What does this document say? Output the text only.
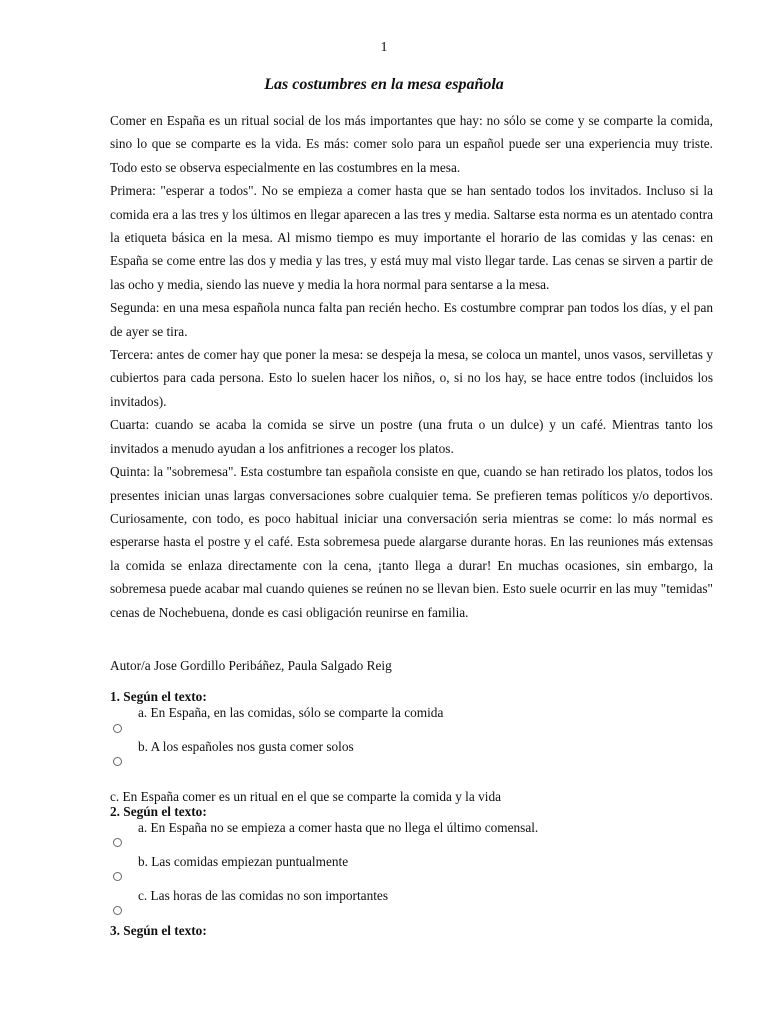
1
Las costumbres en la mesa española

Comer en España es un ritual social de los más importantes que hay: no sólo se come y se comparte la comida, sino lo que se comparte es la vida. Es más: comer solo para un español puede ser una experiencia muy triste. Todo esto se observa especialmente en las costumbres en la mesa.

Primera: "esperar a todos". No se empieza a comer hasta que se han sentado todos los invitados. Incluso si la comida era a las tres y los últimos en llegar aparecen a las tres y media. Saltarse esta norma es un atentado contra la etiqueta básica en la mesa. Al mismo tiempo es muy importante el horario de las comidas y las cenas: en España se come entre las dos y media y las tres, y está muy mal visto llegar tarde. Las cenas se sirven a partir de las ocho y media, siendo las nueve y media la hora normal para sentarse a la mesa.

Segunda: en una mesa española nunca falta pan recién hecho. Es costumbre comprar pan todos los días, y el pan de ayer se tira.

Tercera: antes de comer hay que poner la mesa: se despeja la mesa, se coloca un mantel, unos vasos, servilletas y cubiertos para cada persona. Esto lo suelen hacer los niños, o, si no los hay, se hace entre todos (incluidos los invitados).

Cuarta: cuando se acaba la comida se sirve un postre (una fruta o un dulce) y un café. Mientras tanto los invitados a menudo ayudan a los anfitriones a recoger los platos.

Quinta: la "sobremesa". Esta costumbre tan española consiste en que, cuando se han retirado los platos, todos los presentes inician unas largas conversaciones sobre cualquier tema. Se prefieren temas políticos y/o deportivos. Curiosamente, con todo, es poco habitual iniciar una conversación seria mientras se come: lo más normal es esperarse hasta el postre y el café. Esta sobremesa puede alargarse durante horas. En las reuniones más extensas la comida se enlaza directamente con la cena, ¡tanto llega a durar! En muchas ocasiones, sin embargo, la sobremesa puede acabar mal cuando quienes se reúnen no se llevan bien. Esto suele ocurrir en las muy "temidas" cenas de Nochebuena, donde es casi obligación reunirse en familia.

Autor/a Jose Gordillo Peribáñez, Paula Salgado Reig
1. Según el texto:
a. En España, en las comidas, sólo se comparte la comida
b. A los españoles nos gusta comer solos
c. En España comer es un ritual en el que se comparte la comida y la vida
2. Según el texto:
a. En España no se empieza a comer hasta que no llega el último comensal.
b. Las comidas empiezan puntualmente
c. Las horas de las comidas no son importantes
3. Según el texto:
